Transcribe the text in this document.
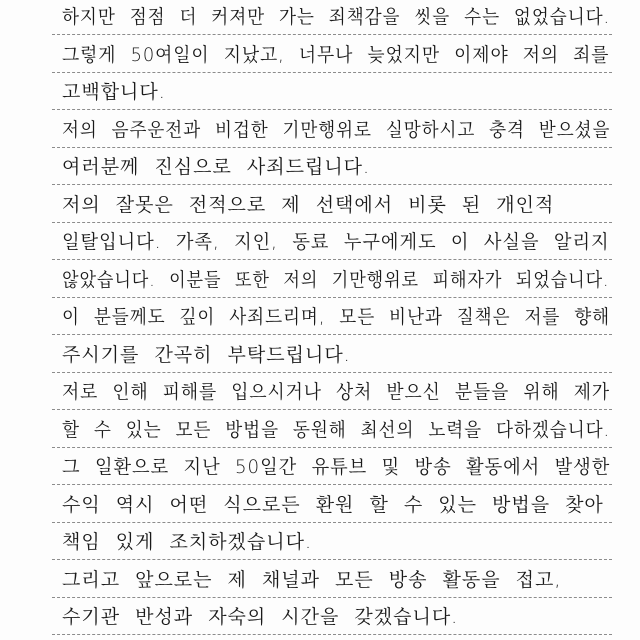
하지만 점점 더 커져만 가는 죄책감을 씻을 수는 없었습니다.
그렇게 50여일이 지났고, 너무나 늦었지만 이제야 저의 죄를
고백합니다.
저의 음주운전과 비겁한 기만행위로 실망하시고 충격 받으셨을
여러분께 진심으로 사죄드립니다.
저의 잘못은 전적으로 제 선택에서 비롯 된 개인적
일탈입니다. 가족, 지인, 동료 누구에게도 이 사실을 알리지
않았습니다. 이분들 또한 저의 기만행위로 피해자가 되었습니다.
이 분들께도 깊이 사죄드리며, 모든 비난과 질책은 저를 향해
주시기를 간곡히 부탁드립니다.
저로 인해 피해를 입으시거나 상처 받으신 분들을 위해 제가
할 수 있는 모든 방법을 동원해 최선의 노력을 다하겠습니다.
그 일환으로 지난 50일간 유튜브 및 방송 활동에서 발생한
수익 역시 어떤 식으로든 환원 할 수 있는 방법을 찾아
책임 있게 조치하겠습니다.
그리고 앞으로는 제 채널과 모든 방송 활동을 접고,
수기관 반성과 자숙의 시간을 갖겠습니다.
